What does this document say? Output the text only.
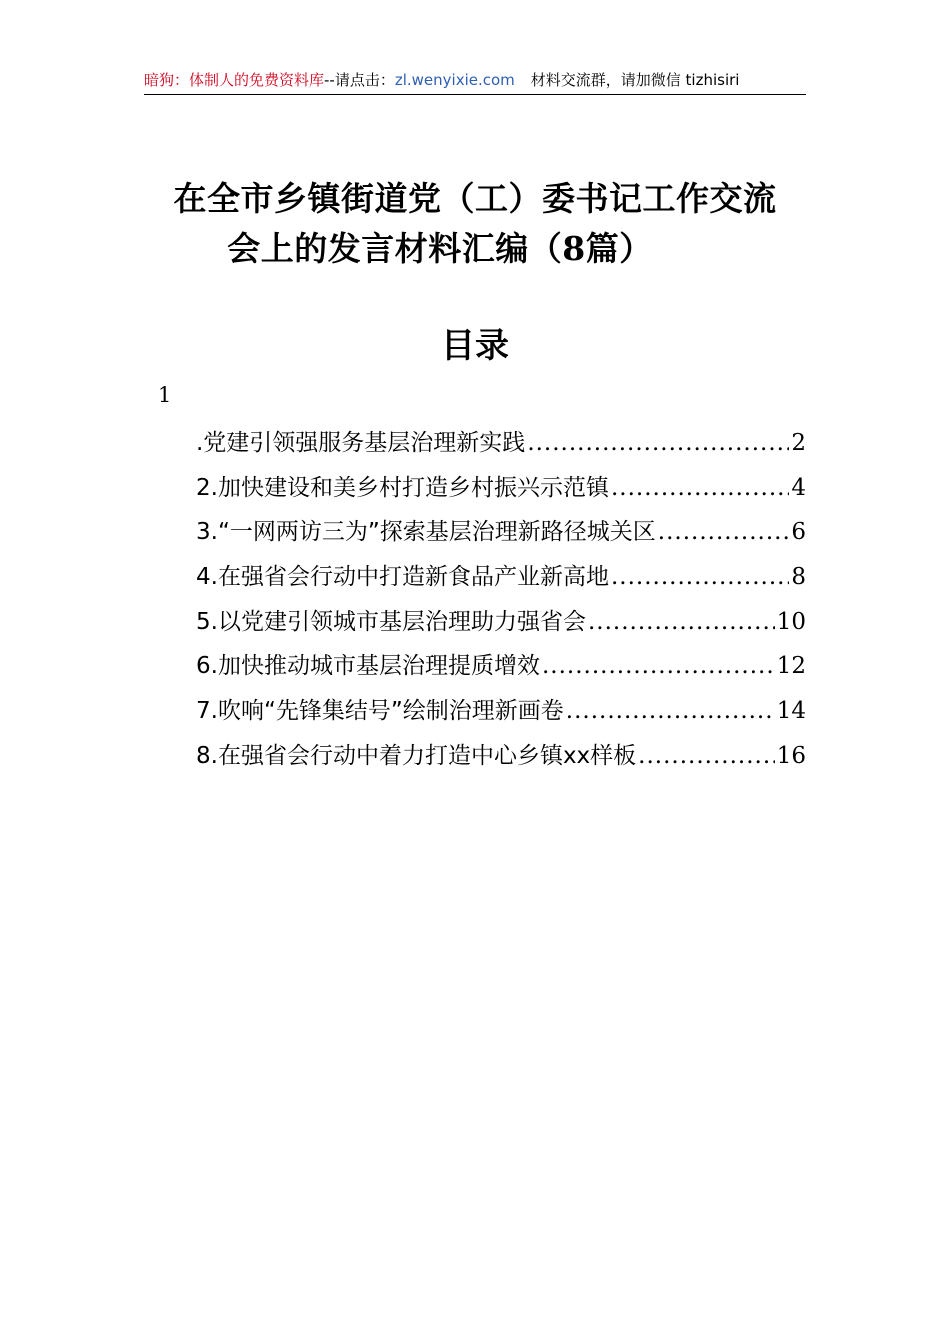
暗狗：体制人的免费资料库--请点击：zl.wenyixie.com 材料交流群，请加微信 tizhisiri
在全市乡镇街道党（工）委书记工作交流
会上的发言材料汇编（8篇）
目录
1
.党建引领强服务基层治理新实践 .....	2
2.加快建设和美乡村打造乡村振兴示范镇 .....	4
3.“一网两访三为”探索基层治理新路径城关区 .....	6
4.在强省会行动中打造新食品产业新高地 .....	8
5.以党建引领城市基层治理助力强省会 .....	10
6.加快推动城市基层治理提质增效 .....	12
7.吹响“先锋集结号”绘制治理新画卷 .....	14
8.在强省会行动中着力打造中心乡镇xx样板 .....	16
